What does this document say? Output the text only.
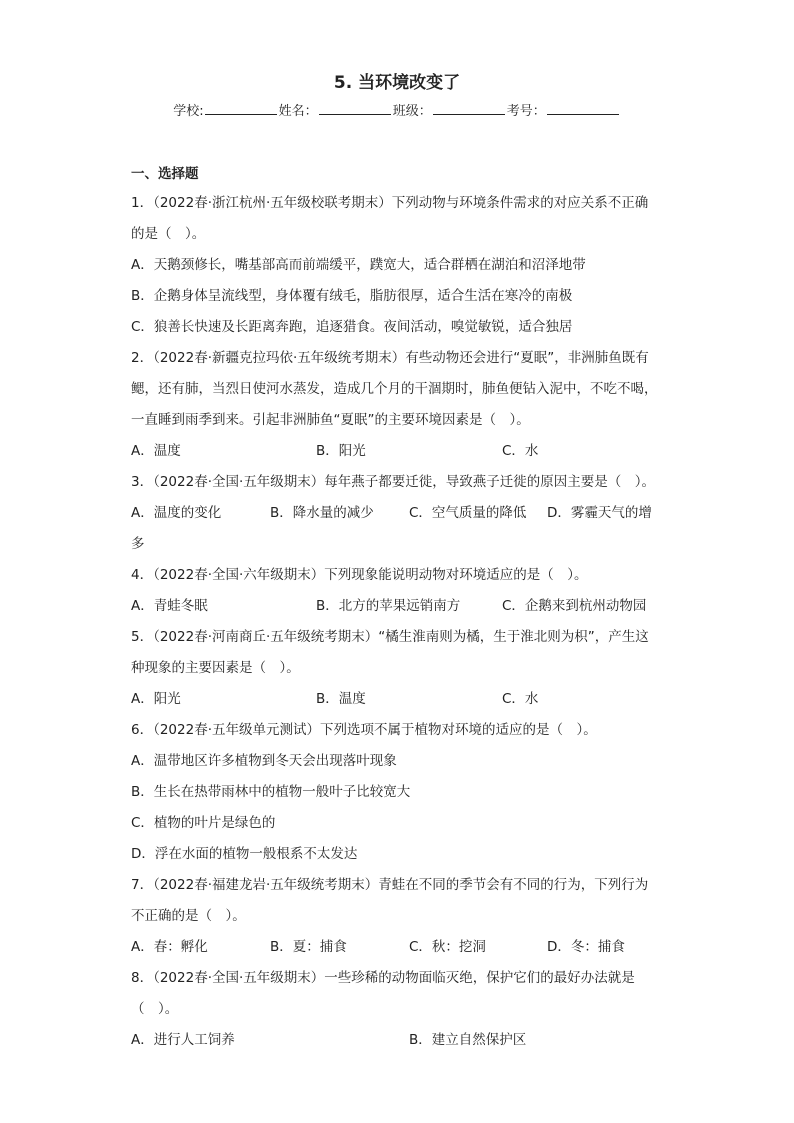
5. 当环境改变了
学校:	姓名：	班级：	考号：
一、选择题
1．（2022春·浙江杭州·五年级校联考期末）下列动物与环境条件需求的对应关系不正确
的是（　）。
A．天鹅颈修长，嘴基部高而前端缓平，蹼宽大，适合群栖在湖泊和沼泽地带
B．企鹅身体呈流线型，身体覆有绒毛，脂肪很厚，适合生活在寒冷的南极
C．狼善长快速及长距离奔跑，追逐猎食。夜间活动，嗅觉敏锐，适合独居
2．（2022春·新疆克拉玛依·五年级统考期末）有些动物还会进行“夏眠”，非洲肺鱼既有
鳃，还有肺，当烈日使河水蒸发，造成几个月的干涸期时，肺鱼便钻入泥中，不吃不喝，
一直睡到雨季到来。引起非洲肺鱼“夏眠”的主要环境因素是（　）。
A．温度	B．阳光	C．水
3．（2022春·全国·五年级期末）每年燕子都要迁徙，导致燕子迁徙的原因主要是（　）。
A．温度的变化	B．降水量的减少	C．空气质量的降低 D．雾霾天气的增
多
4．（2022春·全国·六年级期末）下列现象能说明动物对环境适应的是（　）。
A．青蛙冬眠	B．北方的苹果远销南方	C．企鹅来到杭州动物园
5．（2022春·河南商丘·五年级统考期末）“橘生淮南则为橘，生于淮北则为枳”，产生这
种现象的主要因素是（　）。
A．阳光	B．温度	C．水
6．（2022春·五年级单元测试）下列选项不属于植物对环境的适应的是（　）。
A．温带地区许多植物到冬天会出现落叶现象
B．生长在热带雨林中的植物一般叶子比较宽大
C．植物的叶片是绿色的
D．浮在水面的植物一般根系不太发达
7．（2022春·福建龙岩·五年级统考期末）青蛙在不同的季节会有不同的行为，下列行为
不正确的是（　）。
A．春：孵化	B．夏：捕食	C．秋：挖洞	D．冬：捕食
8．（2022春·全国·五年级期末）一些珍稀的动物面临灭绝，保护它们的最好办法就是
（　）。
A．进行人工饲养	B．建立自然保护区
